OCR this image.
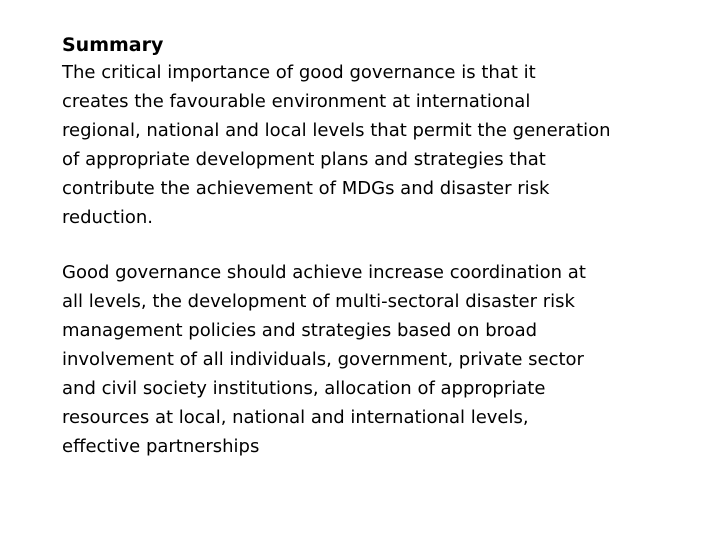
Summary

The critical importance of good governance is that it
creates the favourable environment at international
regional, national and local levels that permit the generation
of appropriate development plans and strategies that
contribute the achievement of MDGs and disaster risk
reduction.

Good governance should achieve increase coordination at
all levels, the development of multi-sectoral disaster risk
management policies and strategies based on broad
involvement of all individuals, government, private sector
and civil society institutions, allocation of appropriate
resources at local, national and international levels,
effective partnerships
